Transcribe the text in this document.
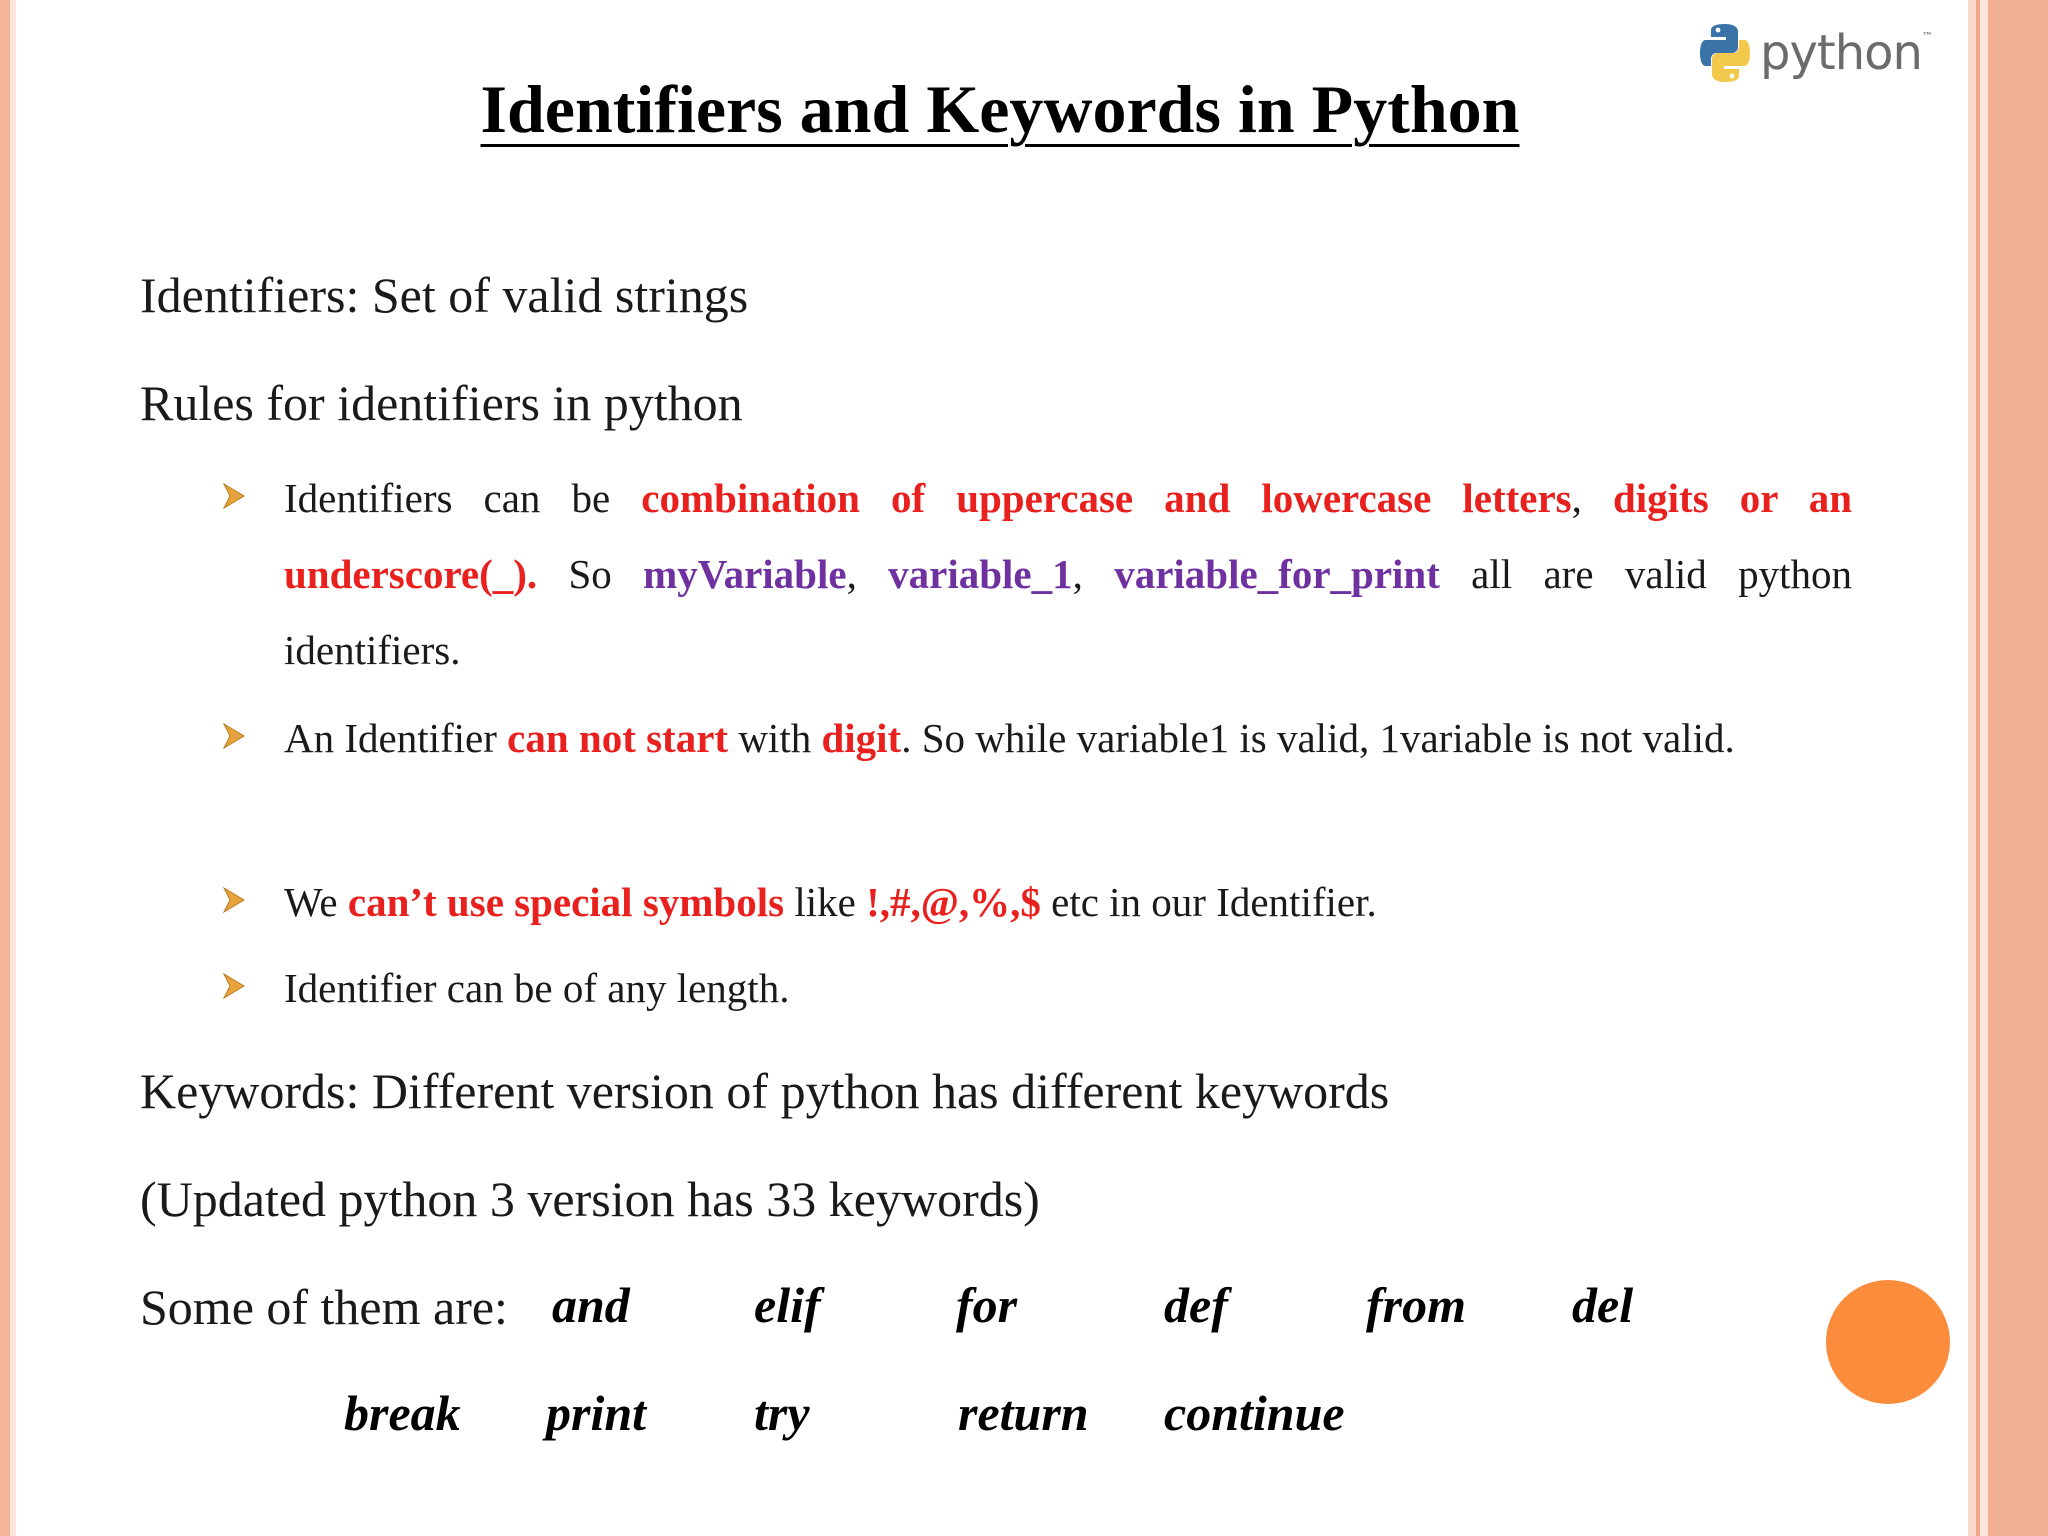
python ™
Identifiers and Keywords in Python
Identifiers: Set of valid strings
Rules for identifiers in python
Identifiers can be combination of uppercase and lowercase letters, digits or an underscore(_). So myVariable, variable_1, variable_for_print all are valid python identifiers.
An Identifier can not start with digit. So while variable1 is valid, 1variable is not valid.
We can’t use special symbols like !,#,@,%,$ etc in our Identifier.
Identifier can be of any length.
Keywords: Different version of python has different keywords
(Updated python 3 version has 33 keywords)
Some of them are: and elif	for	def	from del
break print try	return continue
